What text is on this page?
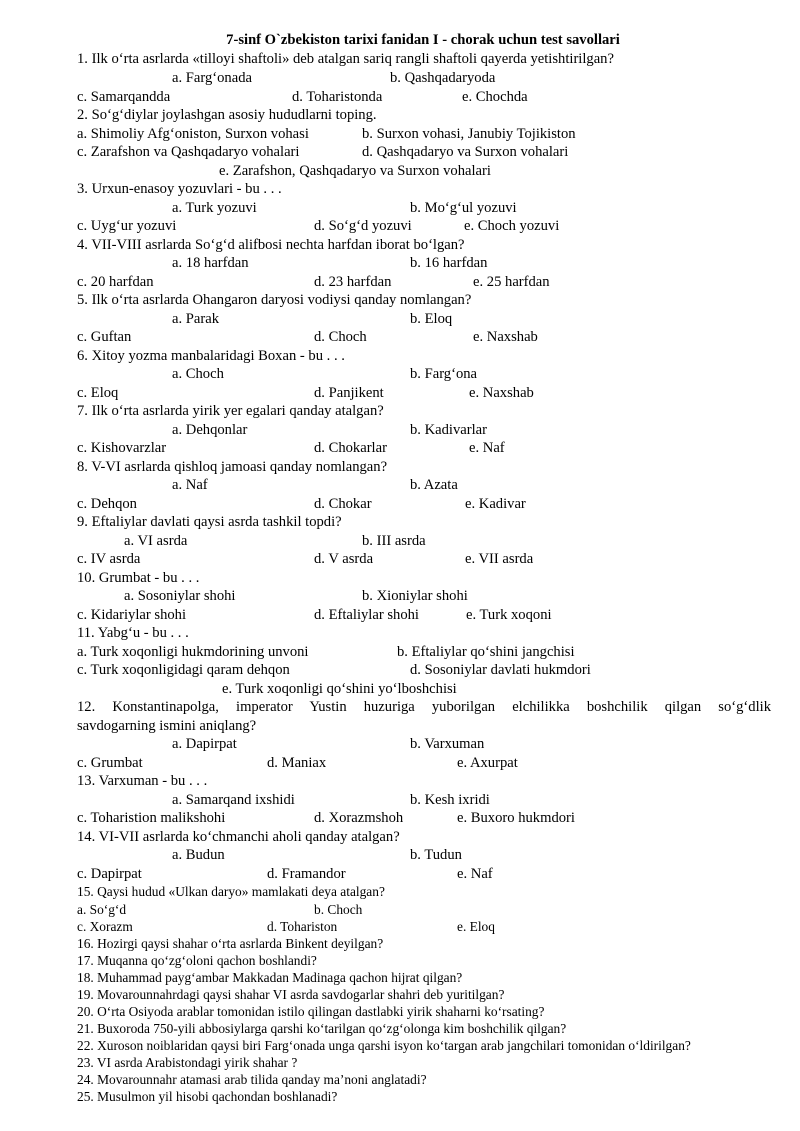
7-sinf O`zbekiston tarixi fanidan I - chorak uchun test savollari
1. Ilk o‘rta asrlarda «tilloyi shaftoli» deb atalgan sariq rangli shaftoli qayerda yetishtirilgan?
a. Farg‘onada	b. Qashqadaryoda
c. Samarqandda	d. Toharistonda	e. Chochda
2. So‘g‘diylar joylashgan asosiy hududlarni toping.
a. Shimoliy Afg‘oniston, Surxon vohasi	b. Surxon vohasi, Janubiy Tojikiston
c. Zarafshon va Qashqadaryo vohalari	d. Qashqadaryo va Surxon vohalari
e. Zarafshon, Qashqadaryo va Surxon vohalari
3. Urxun-enasoy yozuvlari - bu . . .
a. Turk yozuvi	b. Mo‘g‘ul yozuvi
c. Uyg‘ur yozuvi	d. So‘g‘d yozuvi	e. Choch yozuvi
4. VII-VIII asrlarda So‘g‘d alifbosi nechta harfdan iborat bo‘lgan?
a. 18 harfdan	b. 16 harfdan
c. 20 harfdan	d. 23 harfdan	e. 25 harfdan
5. Ilk o‘rta asrlarda Ohangaron daryosi vodiysi qanday nomlangan?
a. Parak	b. Eloq
c. Guftan	d. Choch	e. Naxshab
6. Xitoy yozma manbalaridagi Boxan - bu . . .
a. Choch	b. Farg‘ona
c. Eloq	d. Panjikent	e. Naxshab
7. Ilk o‘rta asrlarda yirik yer egalari qanday atalgan?
a. Dehqonlar	b. Kadivarlar
c. Kishovarzlar	d. Chokarlar	e. Naf
8. V-VI asrlarda qishloq jamoasi qanday nomlangan?
a. Naf	b. Azata
c. Dehqon	d. Chokar	e. Kadivar
9. Eftaliylar davlati qaysi asrda tashkil topdi?
a. VI asrda	b. III asrda
c. IV asrda	d. V asrda	e. VII asrda
10. Grumbat - bu . . .
a. Sosoniylar shohi	b. Xioniylar shohi
c. Kidariylar shohi	d. Eftaliylar shohi	e. Turk xoqoni
11. Yabg‘u - bu . . .
a. Turk xoqonligi hukmdorining unvoni	b. Eftaliylar qo‘shini jangchisi
c. Turk xoqonligidagi qaram dehqon	d. Sosoniylar davlati hukmdori
e. Turk xoqonligi qo‘shini yo‘lboshchisi
12. Konstantinapolga, imperator Yustin huzuriga yuborilgan elchilikka boshchilik qilgan so‘g‘dlik
savdogarning ismini aniqlang?
a. Dapirpat	b. Varxuman
c. Grumbat	d. Maniax	e. Axurpat
13. Varxuman - bu . . .
a. Samarqand ixshidi	b. Kesh ixridi
c. Toharistion malikshohi	d. Xorazmshoh	e. Buxoro hukmdori
14. VI-VII asrlarda ko‘chmanchi aholi qanday atalgan?
a. Budun	b. Tudun
c. Dapirpat	d. Framandor	e. Naf
15. Qaysi hudud «Ulkan daryo» mamlakati deya atalgan?
a. So‘g‘d	b. Choch
c. Xorazm	d. Tohariston	e. Eloq
16. Hozirgi qaysi shahar o‘rta asrlarda Binkent deyilgan?
17. Muqanna qo‘zg‘oloni qachon boshlandi?
18. Muhammad payg‘ambar Makkadan Madinaga qachon hijrat qilgan?
19. Movarounnahrdagi qaysi shahar VI asrda savdogarlar shahri deb yuritilgan?
20. O‘rta Osiyoda arablar tomonidan istilo qilingan dastlabki yirik shaharni ko‘rsating?
21. Buxoroda 750-yili abbosiylarga qarshi ko‘tarilgan qo‘zg‘olonga kim boshchilik qilgan?
22. Xuroson noiblaridan qaysi biri Farg‘onada unga qarshi isyon ko‘targan arab jangchilari tomonidan o‘ldirilgan?
23. VI asrda Arabistondagi yirik shahar ?
24. Movarounnahr atamasi arab tilida qanday ma’noni anglatadi?
25. Musulmon yil hisobi qachondan boshlanadi?
